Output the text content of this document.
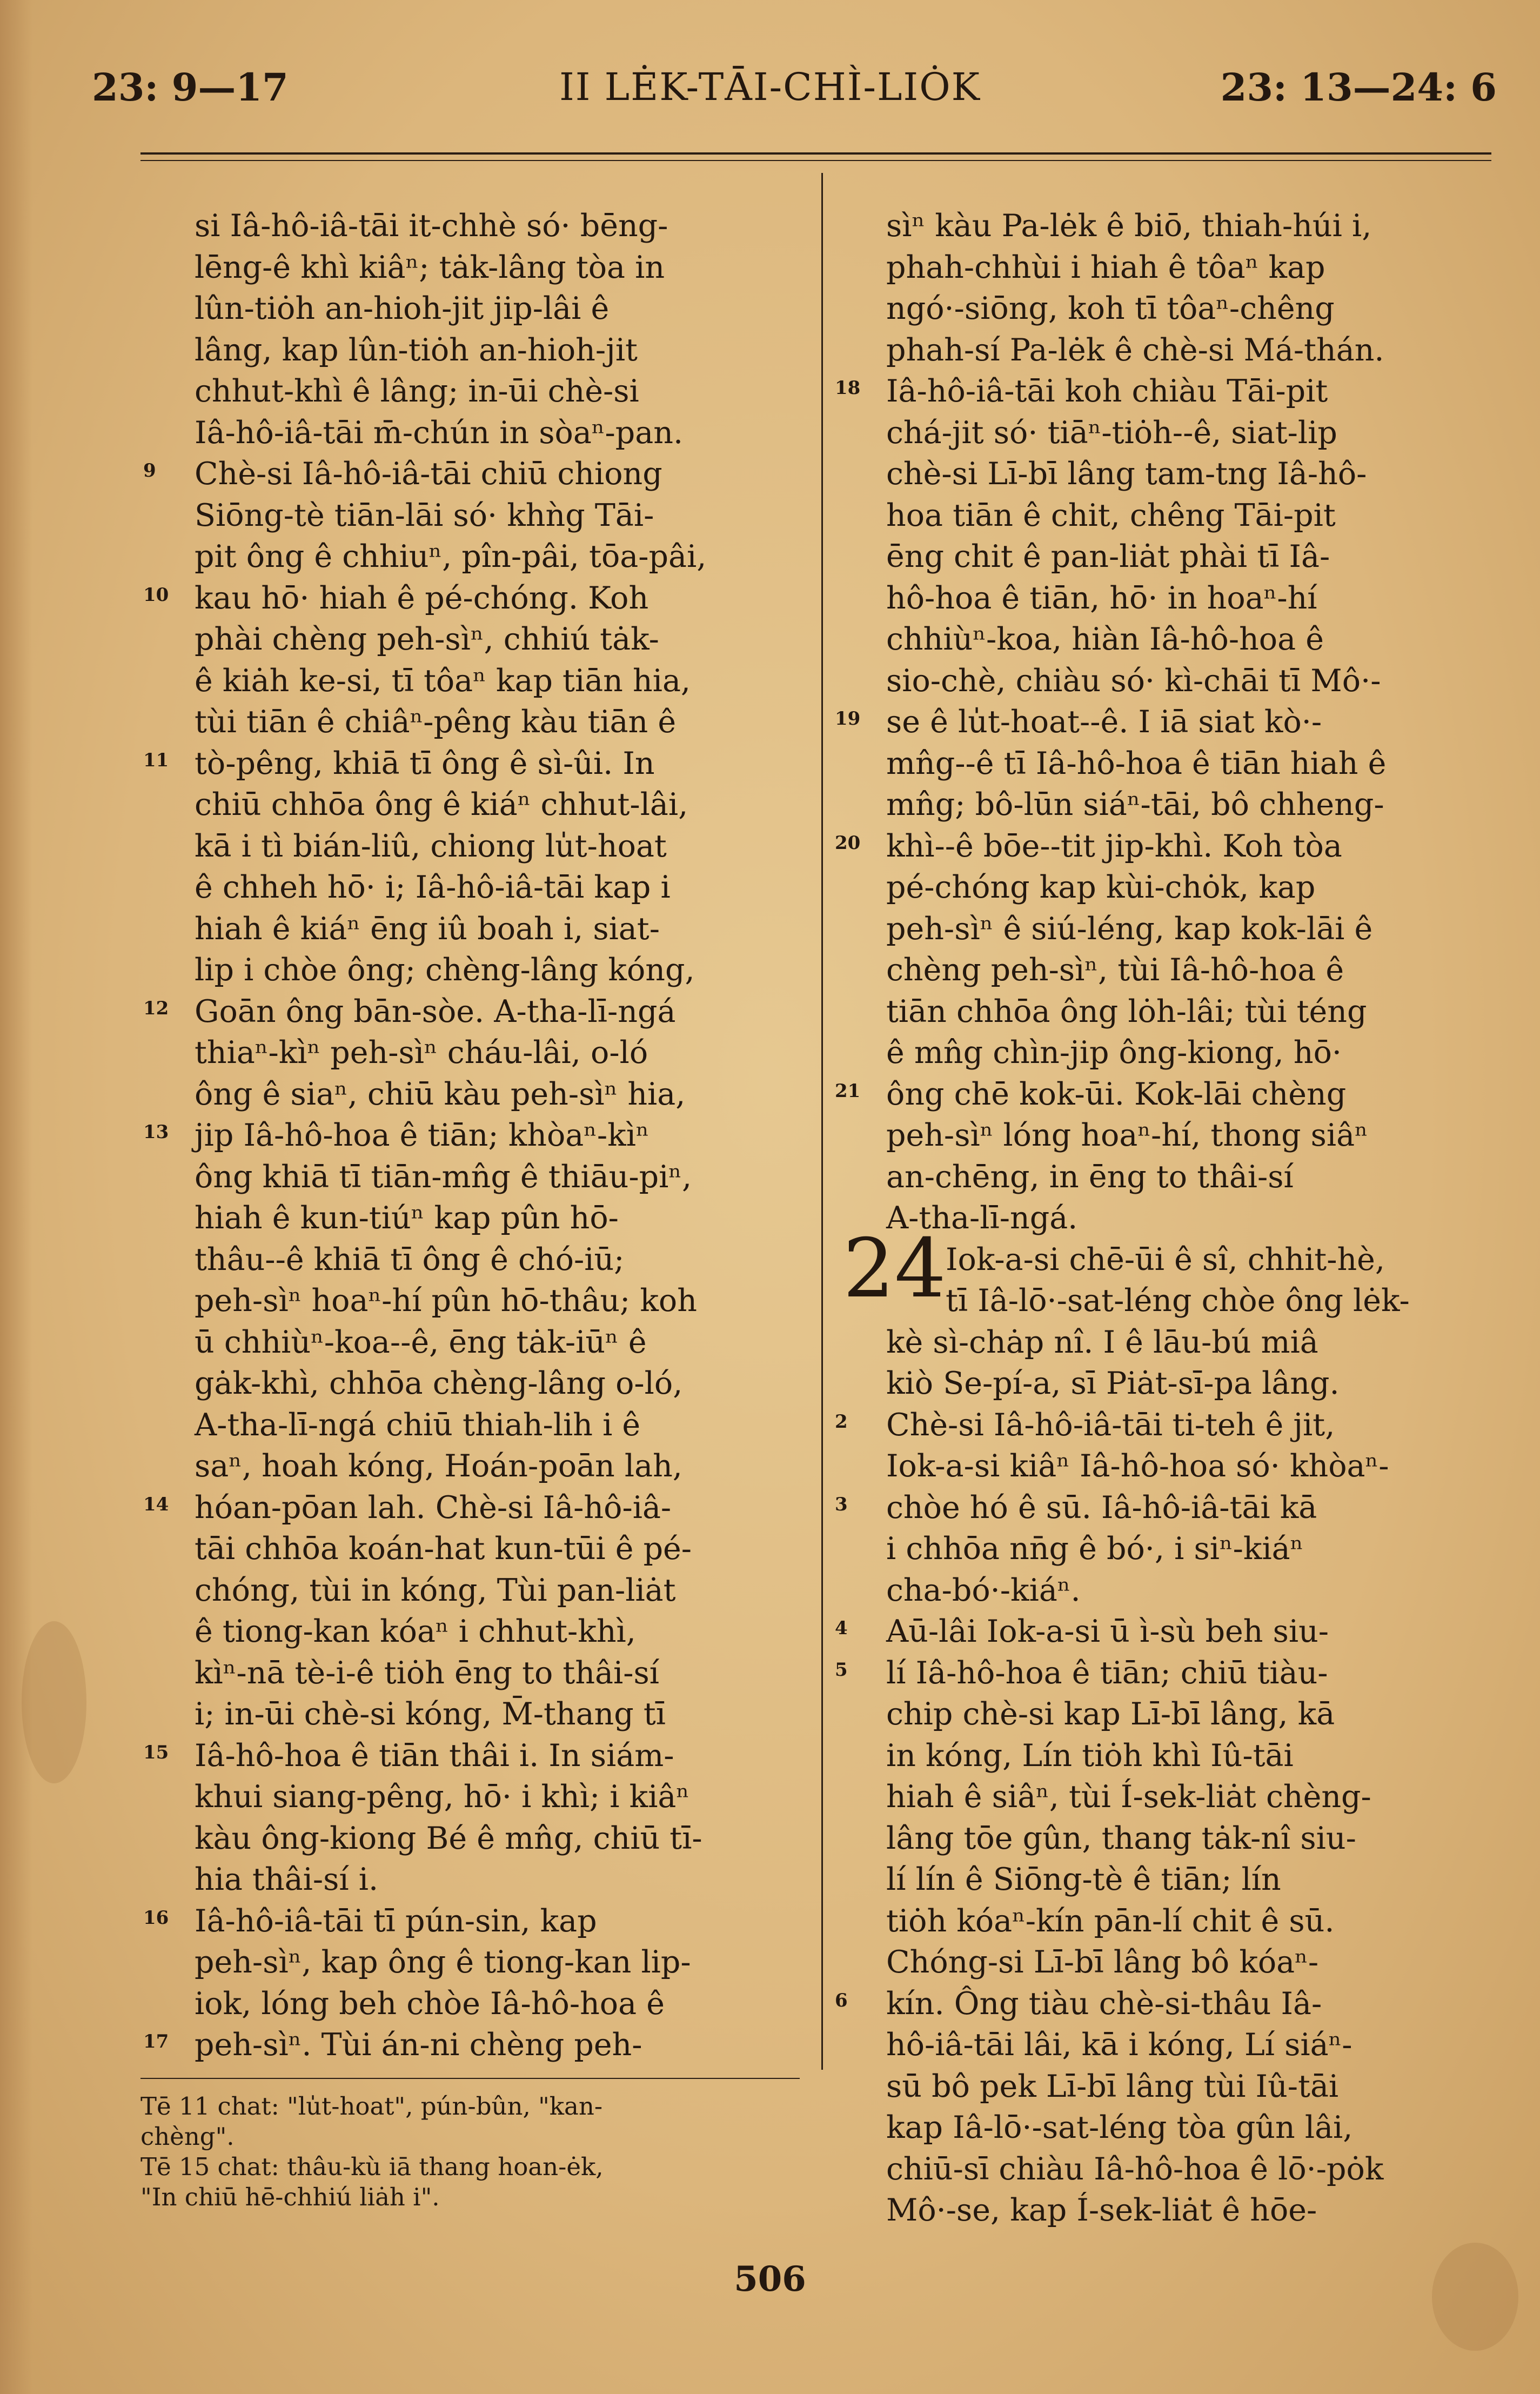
23: 9—17	II LĖK-TĀI-CHÌ-LIȮK	23: 13—24: 6
si Iâ-hô-iâ-tāi it-chhè só· bēng-
lēng-ê khì kiâⁿ; tȧk-lâng tòa in
lûn-tiȯh an-hioh-jit jip-lâi ê
lâng, kap lûn-tiȯh an-hioh-jit
chhut-khì ê lâng; in-ūi chè-si
Iâ-hô-iâ-tāi m̄-chún in sòaⁿ-pan.
9 Chè-si Iâ-hô-iâ-tāi chiū chiong
Siōng-tè tiān-lāi só· khǹg Tāi-
pit ông ê chhiuⁿ, pîn-pâi, tōa-pâi,
10 kau hō· hiah ê pé-chóng. Koh
phài chèng peh-sìⁿ, chhiú tȧk-
ê kiȧh ke-si, tī tôaⁿ kap tiān hia,
tùi tiān ê chiâⁿ-pêng kàu tiān ê
11 tò-pêng, khiā tī ông ê sì-ûi. In
chiū chhōa ông ê kiáⁿ chhut-lâi,
kā i tì bián-liû, chiong lu̍t-hoat
ê chheh hō· i; Iâ-hô-iâ-tāi kap i
hiah ê kiáⁿ ēng iû boah i, siat-
lip i chòe ông; chèng-lâng kóng,
12 Goān ông bān-sòe. A-tha-lī-ngá
thiaⁿ-kìⁿ peh-sìⁿ cháu-lâi, o-ló
ông ê siaⁿ, chiū kàu peh-sìⁿ hia,
13 jip Iâ-hô-hoa ê tiān; khòaⁿ-kìⁿ
ông khiā tī tiān-mn̂g ê thiāu-piⁿ,
hiah ê kun-tiúⁿ kap pûn hō-
thâu--ê khiā tī ông ê chó-iū;
peh-sìⁿ hoaⁿ-hí pûn hō-thâu; koh
ū chhiùⁿ-koa--ê, ēng tȧk-iūⁿ ê
gȧk-khì, chhōa chèng-lâng o-ló,
A-tha-lī-ngá chiū thiah-lih i ê
saⁿ, hoah kóng, Hoán-poān lah,
14 hóan-pōan lah. Chè-si Iâ-hô-iâ-
tāi chhōa koán-hat kun-tūi ê pé-
chóng, tùi in kóng, Tùi pan-liȧt
ê tiong-kan kóaⁿ i chhut-khì,
kìⁿ-nā tè-i-ê tiȯh ēng to thâi-sí
i; in-ūi chè-si kóng, M̄-thang tī
15 Iâ-hô-hoa ê tiān thâi i. In siám-
khui siang-pêng, hō· i khì; i kiâⁿ
kàu ông-kiong Bé ê mn̂g, chiū tī-
hia thâi-sí i.
16 Iâ-hô-iâ-tāi tī pún-sin, kap
peh-sìⁿ, kap ông ê tiong-kan lip-
iok, lóng beh chòe Iâ-hô-hoa ê
17 peh-sìⁿ. Tùi án-ni chèng peh-
sìⁿ kàu Pa-lėk ê biō, thiah-húi i,
phah-chhùi i hiah ê tôaⁿ kap
ngó·-siōng, koh tī tôaⁿ-chêng
phah-sí Pa-lėk ê chè-si Má-thán.
18 Iâ-hô-iâ-tāi koh chiàu Tāi-pit
chá-jit só· tiāⁿ-tiȯh--ê, siat-lip
chè-si Lī-bī lâng tam-tng Iâ-hô-
hoa tiān ê chit, chêng Tāi-pit
ēng chit ê pan-liȧt phài tī Iâ-
hô-hoa ê tiān, hō· in hoaⁿ-hí
chhiùⁿ-koa, hiàn Iâ-hô-hoa ê
sio-chè, chiàu só· kì-chāi tī Mô·-
19 se ê lu̍t-hoat--ê. I iā siat kò·-
mn̂g--ê tī Iâ-hô-hoa ê tiān hiah ê
mn̂g; bô-lūn siáⁿ-tāi, bô chheng-
20 khì--ê bōe--tit jip-khì. Koh tòa
pé-chóng kap kùi-chȯk, kap
peh-sìⁿ ê siú-léng, kap kok-lāi ê
chèng peh-sìⁿ, tùi Iâ-hô-hoa ê
tiān chhōa ông lȯh-lâi; tùi téng
ê mn̂g chìn-jip ông-kiong, hō·
21 ông chē kok-ūi. Kok-lāi chèng
peh-sìⁿ lóng hoaⁿ-hí, thong siâⁿ
an-chēng, in ēng to thâi-sí
A-tha-lī-ngá.
24 Iok-a-si chē-ūi ê sî, chhit-hè,
tī Iâ-lō·-sat-léng chòe ông lėk-
kè sì-chȧp nî. I ê lāu-bú miâ
kiò Se-pí-a, sī Piȧt-sī-pa lâng.
2 Chè-si Iâ-hô-iâ-tāi ti-teh ê jit,
Iok-a-si kiâⁿ Iâ-hô-hoa só· khòaⁿ-
3 chòe hó ê sū. Iâ-hô-iâ-tāi kā
i chhōa nn̄g ê bó·, i siⁿ-kiáⁿ
cha-bó·-kiáⁿ.
4 Aū-lâi Iok-a-si ū ì-sù beh siu-
5 lí Iâ-hô-hoa ê tiān; chiū tiàu-
chip chè-si kap Lī-bī lâng, kā
in kóng, Lín tiȯh khì Iû-tāi
hiah ê siâⁿ, tùi Í-sek-liȧt chèng-
lâng tōe gûn, thang tȧk-nî siu-
lí lín ê Siōng-tè ê tiān; lín
tiȯh kóaⁿ-kín pān-lí chit ê sū.
Chóng-si Lī-bī lâng bô kóaⁿ-
6 kín. Ông tiàu chè-si-thâu Iâ-
hô-iâ-tāi lâi, kā i kóng, Lí siáⁿ-
sū bô pek Lī-bī lâng tùi Iû-tāi
kap Iâ-lō·-sat-léng tòa gûn lâi,
chiū-sī chiàu Iâ-hô-hoa ê lō·-pȯk
Mô·-se, kap Í-sek-liȧt ê hōe-
Tē 11 chat: "lu̍t-hoat", pún-bûn, "kan-
chèng".
Tē 15 chat: thâu-kù iā thang hoan-ėk,
"In chiū hē-chhiú liȧh i".
506
